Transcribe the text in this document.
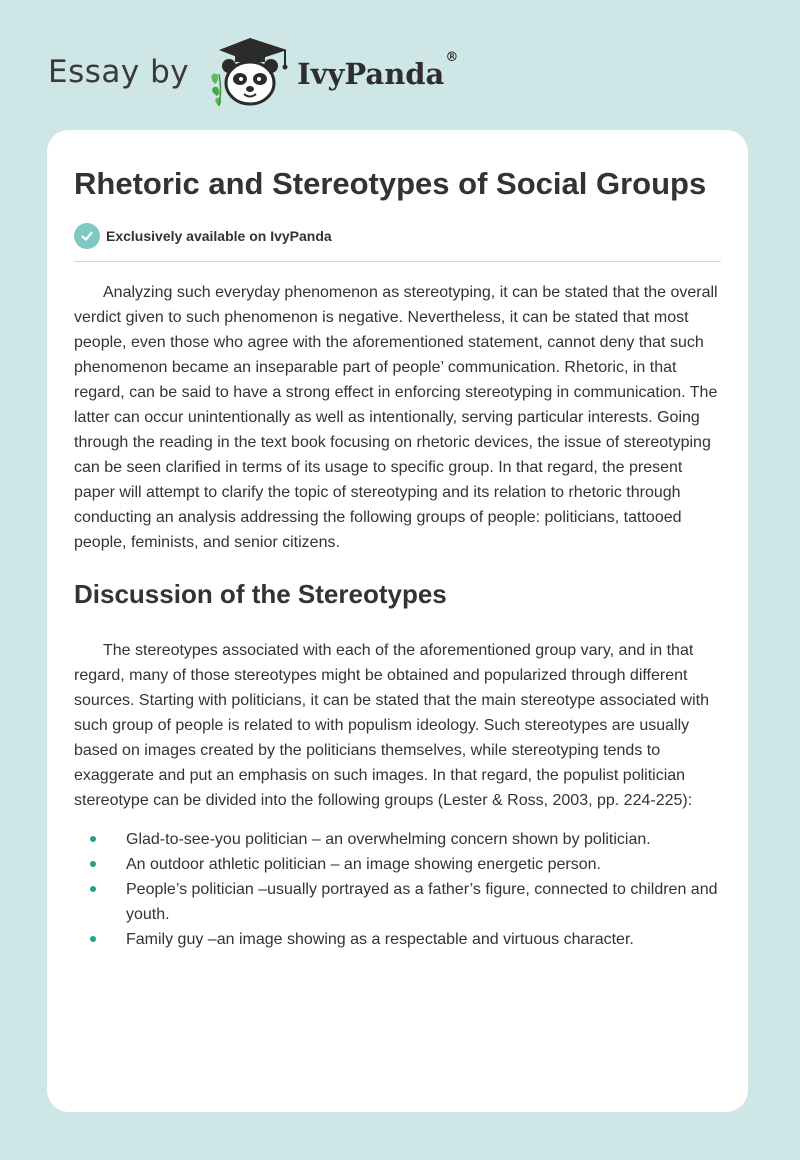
Essay by	IvyPanda®
Rhetoric and Stereotypes of Social Groups
Exclusively available on IvyPanda

Analyzing such everyday phenomenon as stereotyping, it can be stated that the overall verdict given to such phenomenon is negative. Nevertheless, it can be stated that most people, even those who agree with the aforementioned statement, cannot deny that such phenomenon became an inseparable part of people’ communication. Rhetoric, in that regard, can be said to have a strong effect in enforcing stereotyping in communication. The latter can occur unintentionally as well as intentionally, serving particular interests. Going through the reading in the text book focusing on rhetoric devices, the issue of stereotyping can be seen clarified in terms of its usage to specific group. In that regard, the present paper will attempt to clarify the topic of stereotyping and its relation to rhetoric through conducting an analysis addressing the following groups of people: politicians, tattooed people, feminists, and senior citizens.

Discussion of the Stereotypes

The stereotypes associated with each of the aforementioned group vary, and in that regard, many of those stereotypes might be obtained and popularized through different sources. Starting with politicians, it can be stated that the main stereotype associated with such group of people is related to with populism ideology. Such stereotypes are usually based on images created by the politicians themselves, while stereotyping tends to exaggerate and put an emphasis on such images. In that regard, the populist politician stereotype can be divided into the following groups (Lester & Ross, 2003, pp. 224-225):

Glad-to-see-you politician – an overwhelming concern shown by politician.
An outdoor athletic politician – an image showing energetic person.
People’s politician –usually portrayed as a father’s figure, connected to children and youth.
Family guy –an image showing as a respectable and virtuous character.
